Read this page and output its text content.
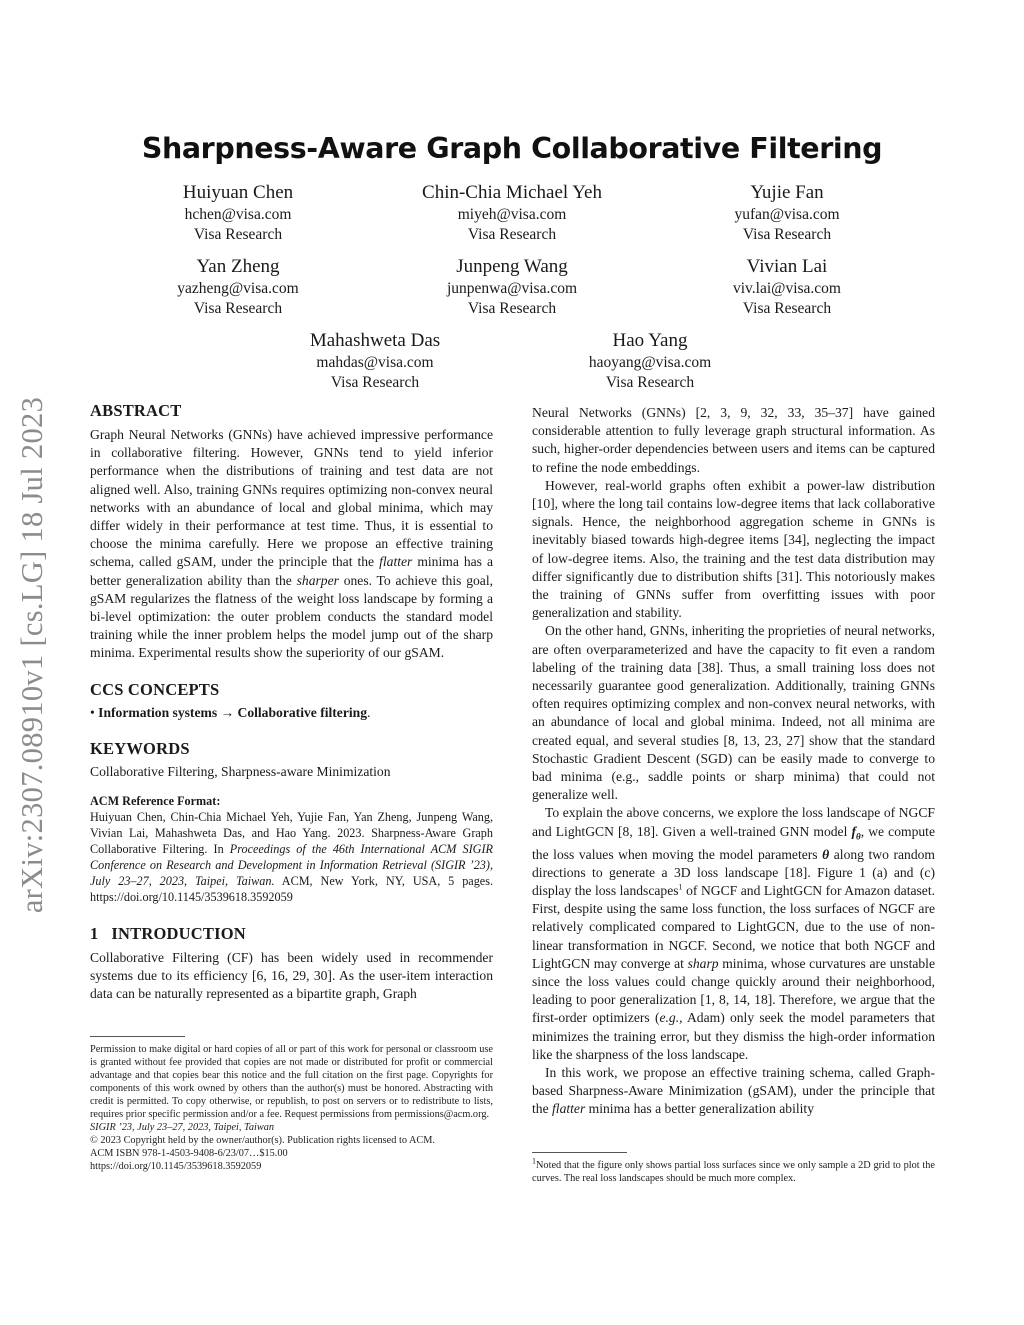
arXiv:2307.08910v1 [cs.LG] 18 Jul 2023
Sharpness-Aware Graph Collaborative Filtering
Huiyuan Chen
hchen@visa.com
Visa Research
Chin-Chia Michael Yeh
miyeh@visa.com
Visa Research
Yujie Fan
yufan@visa.com
Visa Research
Yan Zheng
yazheng@visa.com
Visa Research
Junpeng Wang
junpenwa@visa.com
Visa Research
Vivian Lai
viv.lai@visa.com
Visa Research
Mahashweta Das
mahdas@visa.com
Visa Research
Hao Yang
haoyang@visa.com
Visa Research
ABSTRACT

Graph Neural Networks (GNNs) have achieved impressive performance in collaborative filtering. However, GNNs tend to yield inferior performance when the distributions of training and test data are not aligned well. Also, training GNNs requires optimizing non-convex neural networks with an abundance of local and global minima, which may differ widely in their performance at test time. Thus, it is essential to choose the minima carefully. Here we propose an effective training schema, called gSAM, under the principle that the flatter minima has a better generalization ability than the sharper ones. To achieve this goal, gSAM regularizes the flatness of the weight loss landscape by forming a bi-level optimization: the outer problem conducts the standard model training while the inner problem helps the model jump out of the sharp minima. Experimental results show the superiority of our gSAM.

CCS CONCEPTS

• Information systems → Collaborative filtering.

KEYWORDS

Collaborative Filtering, Sharpness-aware Minimization

ACM Reference Format:

Huiyuan Chen, Chin-Chia Michael Yeh, Yujie Fan, Yan Zheng, Junpeng Wang, Vivian Lai, Mahashweta Das, and Hao Yang. 2023. Sharpness-Aware Graph Collaborative Filtering. In Proceedings of the 46th International ACM SIGIR Conference on Research and Development in Information Retrieval (SIGIR ’23), July 23–27, 2023, Taipei, Taiwan. ACM, New York, NY, USA, 5 pages. https://doi.org/10.1145/3539618.3592059

1   INTRODUCTION

Collaborative Filtering (CF) has been widely used in recommender systems due to its efficiency [6, 16, 29, 30]. As the user-item interaction data can be naturally represented as a bipartite graph, Graph

Permission to make digital or hard copies of all or part of this work for personal or classroom use is granted without fee provided that copies are not made or distributed for profit or commercial advantage and that copies bear this notice and the full citation on the first page. Copyrights for components of this work owned by others than the author(s) must be honored. Abstracting with credit is permitted. To copy otherwise, or republish, to post on servers or to redistribute to lists, requires prior specific permission and/or a fee. Request permissions from permissions@acm.org.

SIGIR ’23, July 23–27, 2023, Taipei, Taiwan

© 2023 Copyright held by the owner/author(s). Publication rights licensed to ACM.

ACM ISBN 978-1-4503-9408-6/23/07…$15.00

https://doi.org/10.1145/3539618.3592059

Neural Networks (GNNs) [2, 3, 9, 32, 33, 35–37] have gained considerable attention to fully leverage graph structural information. As such, higher-order dependencies between users and items can be captured to refine the node embeddings.

However, real-world graphs often exhibit a power-law distribution [10], where the long tail contains low-degree items that lack collaborative signals. Hence, the neighborhood aggregation scheme in GNNs is inevitably biased towards high-degree items [34], neglecting the impact of low-degree items. Also, the training and the test data distribution may differ significantly due to distribution shifts [31]. This notoriously makes the training of GNNs suffer from overfitting issues with poor generalization and stability.

On the other hand, GNNs, inheriting the proprieties of neural networks, are often overparameterized and have the capacity to fit even a random labeling of the training data [38]. Thus, a small training loss does not necessarily guarantee good generalization. Additionally, training GNNs often requires optimizing complex and non-convex neural networks, with an abundance of local and global minima. Indeed, not all minima are created equal, and several studies [8, 13, 23, 27] show that the standard Stochastic Gradient Descent (SGD) can be easily made to converge to bad minima (e.g., saddle points or sharp minima) that could not generalize well.

To explain the above concerns, we explore the loss landscape of NGCF and LightGCN [8, 18]. Given a well-trained GNN model $f_\theta$, we compute the loss values when moving the model parameters θ along two random directions to generate a 3D loss landscape [18]. Figure 1 (a) and (c) display the loss landscapes$^1$ of NGCF and LightGCN for Amazon dataset. First, despite using the same loss function, the loss surfaces of NGCF are relatively complicated compared to LightGCN, due to the use of non-linear transformation in NGCF. Second, we notice that both NGCF and LightGCN may converge at sharp minima, whose curvatures are unstable since the loss values could change quickly around their neighborhood, leading to poor generalization [1, 8, 14, 18]. Therefore, we argue that the first-order optimizers (e.g., Adam) only seek the model parameters that minimizes the training error, but they dismiss the high-order information like the sharpness of the loss landscape.

In this work, we propose an effective training schema, called Graph-based Sharpness-Aware Minimization (gSAM), under the principle that the flatter minima has a better generalization ability

$^1$Noted that the figure only shows partial loss surfaces since we only sample a 2D grid to plot the curves. The real loss landscapes should be much more complex.
